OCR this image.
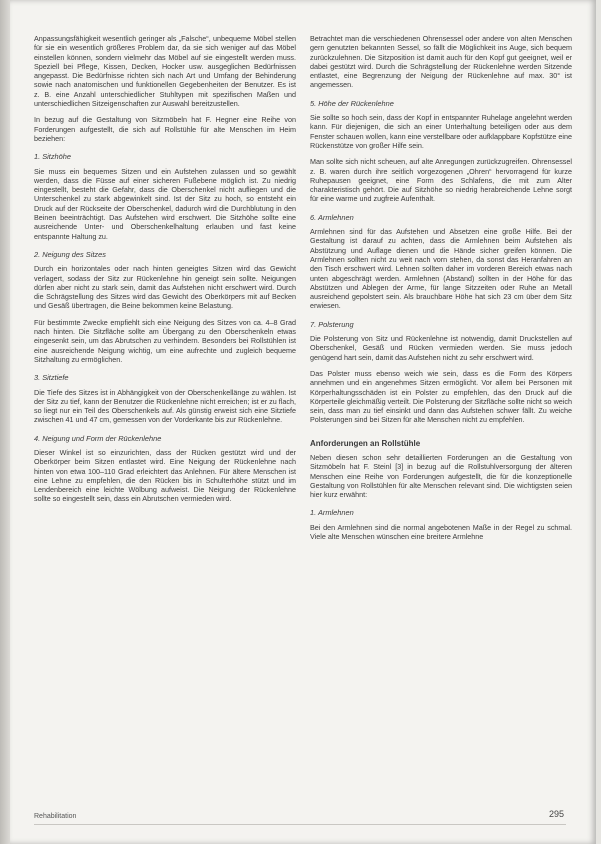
Anpassungsfähigkeit wesentlich geringer als „Falsche“, unbequeme Möbel stellen für sie ein wesentlich größeres Problem dar, da sie sich weniger auf das Möbel einstellen können, sondern vielmehr das Möbel auf sie eingestellt werden muss. Speziell bei Pflege, Kissen, Decken, Hocker usw. ausgeglichen Bedürfnissen angepasst. Die Bedürfnisse richten sich nach Art und Umfang der Behinderung sowie nach anatomischen und funktionellen Gegebenheiten der Benutzer. Es ist z. B. eine Anzahl unterschiedlicher Stuhltypen mit spezifischen Maßen und unterschiedlichen Sitzeigenschaften zur Auswahl bereitzustellen.

In bezug auf die Gestaltung von Sitzmöbeln hat F. Hegner eine Reihe von Forderungen aufgestellt, die sich auf Rollstühle für alte Menschen im Heim beziehen:

1. Sitzhöhe

Sie muss ein bequemes Sitzen und ein Aufstehen zulassen und so gewählt werden, dass die Füsse auf einer sicheren Fußebene möglich ist. Zu niedrig eingestellt, besteht die Gefahr, dass die Oberschenkel nicht aufliegen und die Unterschenkel zu stark abgewinkelt sind. Ist der Sitz zu hoch, so entsteht ein Druck auf der Rückseite der Oberschenkel, dadurch wird die Durchblutung in den Beinen beeinträchtigt. Das Aufstehen wird erschwert. Die Sitzhöhe sollte eine ausreichende Unter- und Oberschenkelhaltung erlauben und fast keine entspannte Haltung zu.

2. Neigung des Sitzes

Durch ein horizontales oder nach hinten geneigtes Sitzen wird das Gewicht verlagert, sodass der Sitz zur Rückenlehne hin geneigt sein sollte. Neigungen dürfen aber nicht zu stark sein, damit das Aufstehen nicht erschwert wird. Durch die Schrägstellung des Sitzes wird das Gewicht des Oberkörpers mit auf Becken und Gesäß übertragen, die Beine bekommen keine Belastung.

Für bestimmte Zwecke empfiehlt sich eine Neigung des Sitzes von ca. 4–8 Grad nach hinten. Die Sitzfläche sollte am Übergang zu den Oberschenkeln etwas eingesenkt sein, um das Abrutschen zu verhindern. Besonders bei Rollstühlen ist eine ausreichende Neigung wichtig, um eine aufrechte und zugleich bequeme Sitzhaltung zu ermöglichen.

3. Sitztiefe

Die Tiefe des Sitzes ist in Abhängigkeit von der Oberschenkellänge zu wählen. Ist der Sitz zu tief, kann der Benutzer die Rückenlehne nicht erreichen; ist er zu flach, so liegt nur ein Teil des Oberschenkels auf. Als günstig erweist sich eine Sitztiefe zwischen 41 und 47 cm, gemessen von der Vorderkante bis zur Rückenlehne.

4. Neigung und Form der Rückenlehne

Dieser Winkel ist so einzurichten, dass der Rücken gestützt wird und der Oberkörper beim Sitzen entlastet wird. Eine Neigung der Rückenlehne nach hinten von etwa 100–110 Grad erleichtert das Anlehnen. Für ältere Menschen ist eine Lehne zu empfehlen, die den Rücken bis in Schulterhöhe stützt und im Lendenbereich eine leichte Wölbung aufweist. Die Neigung der Rückenlehne sollte so eingestellt sein, dass ein Abrutschen vermieden wird.

Betrachtet man die verschiedenen Ohrensessel oder andere von alten Menschen gern genutzten bekannten Sessel, so fällt die Möglichkeit ins Auge, sich bequem zurückzulehnen. Die Sitzposition ist damit auch für den Kopf gut geeignet, weil er dabei gestützt wird. Durch die Schrägstellung der Rückenlehne werden Sitzende entlastet, eine Begrenzung der Neigung der Rückenlehne auf max. 30° ist angemessen.

5. Höhe der Rückenlehne

Sie sollte so hoch sein, dass der Kopf in entspannter Ruhelage angelehnt werden kann. Für diejenigen, die sich an einer Unterhaltung beteiligen oder aus dem Fenster schauen wollen, kann eine verstellbare oder aufklappbare Kopfstütze eine Rückenstütze von großer Hilfe sein.

Man sollte sich nicht scheuen, auf alte Anregungen zurückzugreifen. Ohrensessel z. B. waren durch ihre seitlich vorgezogenen „Ohren“ hervorragend für kurze Ruhepausen geeignet, eine Form des Schlafens, die mit zum Alter charakteristisch gehört. Die auf Sitzhöhe so niedrig herabreichende Lehne sorgt für eine warme und zugfreie Aufenthalt.

6. Armlehnen

Armlehnen sind für das Aufstehen und Absetzen eine große Hilfe. Bei der Gestaltung ist darauf zu achten, dass die Armlehnen beim Aufstehen als Abstützung und Auflage dienen und die Hände sicher greifen können. Die Armlehnen sollten nicht zu weit nach vorn stehen, da sonst das Heranfahren an den Tisch erschwert wird. Lehnen sollten daher im vorderen Bereich etwas nach unten abgeschrägt werden. Armlehnen (Abstand) sollten in der Höhe für das Abstützen und Ablegen der Arme, für lange Sitzzeiten oder Ruhe an Metall ausreichend gepolstert sein. Als brauchbare Höhe hat sich 23 cm über dem Sitz erwiesen.

7. Polsterung

Die Polsterung von Sitz und Rückenlehne ist notwendig, damit Druckstellen auf Oberschenkel, Gesäß und Rücken vermieden werden. Sie muss jedoch genügend hart sein, damit das Aufstehen nicht zu sehr erschwert wird.

Das Polster muss ebenso weich wie sein, dass es die Form des Körpers annehmen und ein angenehmes Sitzen ermöglicht. Vor allem bei Personen mit Körperhaltungsschäden ist ein Polster zu empfehlen, das den Druck auf die Körperteile gleichmäßig verteilt. Die Polsterung der Sitzfläche sollte nicht so weich sein, dass man zu tief einsinkt und dann das Aufstehen schwer fällt. Zu weiche Polsterungen sind bei Sitzen für alte Menschen nicht zu empfehlen.

Anforderungen an Rollstühle

Neben diesen schon sehr detaillierten Forderungen an die Gestaltung von Sitzmöbeln hat F. Steinl [3] in bezug auf die Rollstuhlversorgung der älteren Menschen eine Reihe von Forderungen aufgestellt, die für die konzeptionelle Gestaltung von Rollstühlen für alte Menschen relevant sind. Die wichtigsten seien hier kurz erwähnt:

1. Armlehnen

Bei den Armlehnen sind die normal angebotenen Maße in der Regel zu schmal. Viele alte Menschen wünschen eine breitere Armlehne

Rehabilitation	295
